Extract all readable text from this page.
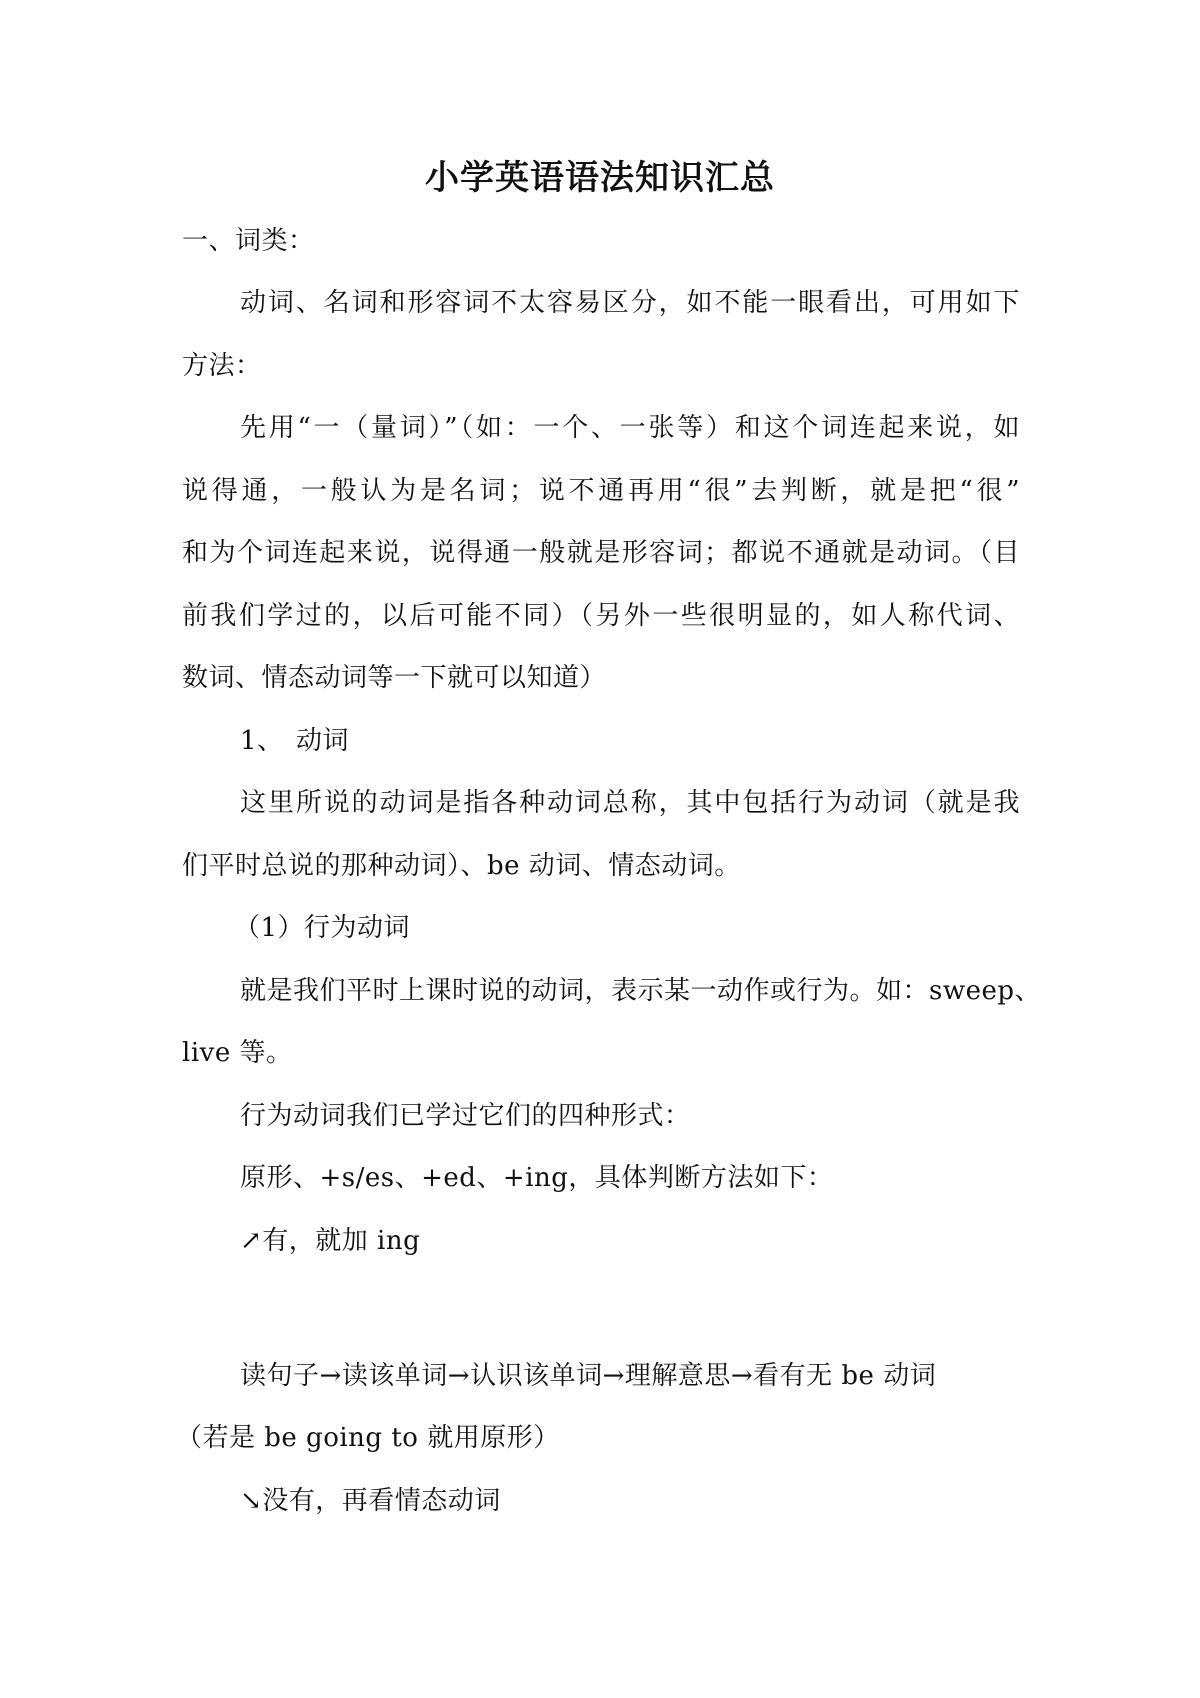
小学英语语法知识汇总
一、词类：
动词、名词和形容词不太容易区分，如不能一眼看出，可用如下
方法：
先用“一（量词）”（如：一个、一张等）和这个词连起来说，如
说得通，一般认为是名词；说不通再用“很”去判断，就是把“很”
和为个词连起来说，说得通一般就是形容词；都说不通就是动词。（目
前我们学过的，以后可能不同）（另外一些很明显的，如人称代词、
数词、情态动词等一下就可以知道）
1、 动词
这里所说的动词是指各种动词总称，其中包括行为动词（就是我
们平时总说的那种动词）、be 动词、情态动词。
（1）行为动词
就是我们平时上课时说的动词，表示某一动作或行为。如：sweep、
live 等。
行为动词我们已学过它们的四种形式：
原形、+s/es、+ed、+ing，具体判断方法如下：
↗有，就加 ing
读句子→读该单词→认识该单词→理解意思→看有无 be 动词
（若是 be going to 就用原形）
↘没有，再看情态动词
